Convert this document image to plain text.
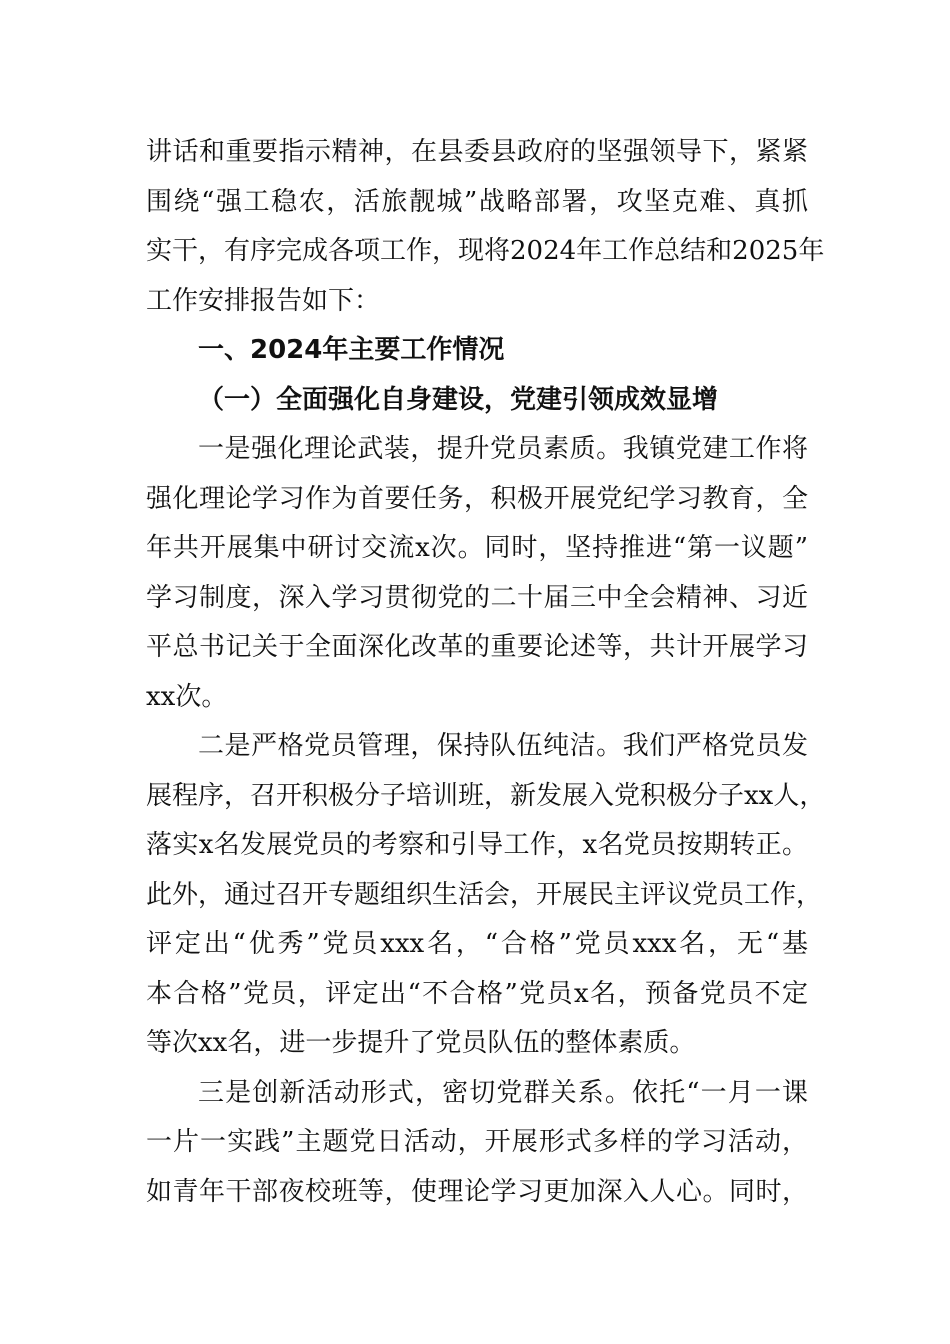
讲话和重要指示精神，在县委县政府的坚强领导下，紧紧
围绕“强工稳农，活旅靓城”战略部署，攻坚克难、真抓
实干，有序完成各项工作，现将2024年工作总结和2025年
工作安排报告如下：
一、2024年主要工作情况
（一）全面强化自身建设，党建引领成效显增
一是强化理论武装，提升党员素质。我镇党建工作将
强化理论学习作为首要任务，积极开展党纪学习教育，全
年共开展集中研讨交流x次。同时，坚持推进“第一议题”
学习制度，深入学习贯彻党的二十届三中全会精神、习近
平总书记关于全面深化改革的重要论述等，共计开展学习
xx次。
二是严格党员管理，保持队伍纯洁。我们严格党员发
展程序，召开积极分子培训班，新发展入党积极分子xx人，
落实x名发展党员的考察和引导工作，x名党员按期转正。
此外，通过召开专题组织生活会，开展民主评议党员工作，
评定出“优秀”党员xxx名，“合格”党员xxx名，无“基
本合格”党员，评定出“不合格”党员x名，预备党员不定
等次xx名，进一步提升了党员队伍的整体素质。
三是创新活动形式，密切党群关系。依托“一月一课
一片一实践”主题党日活动，开展形式多样的学习活动，
如青年干部夜校班等，使理论学习更加深入人心。同时，
